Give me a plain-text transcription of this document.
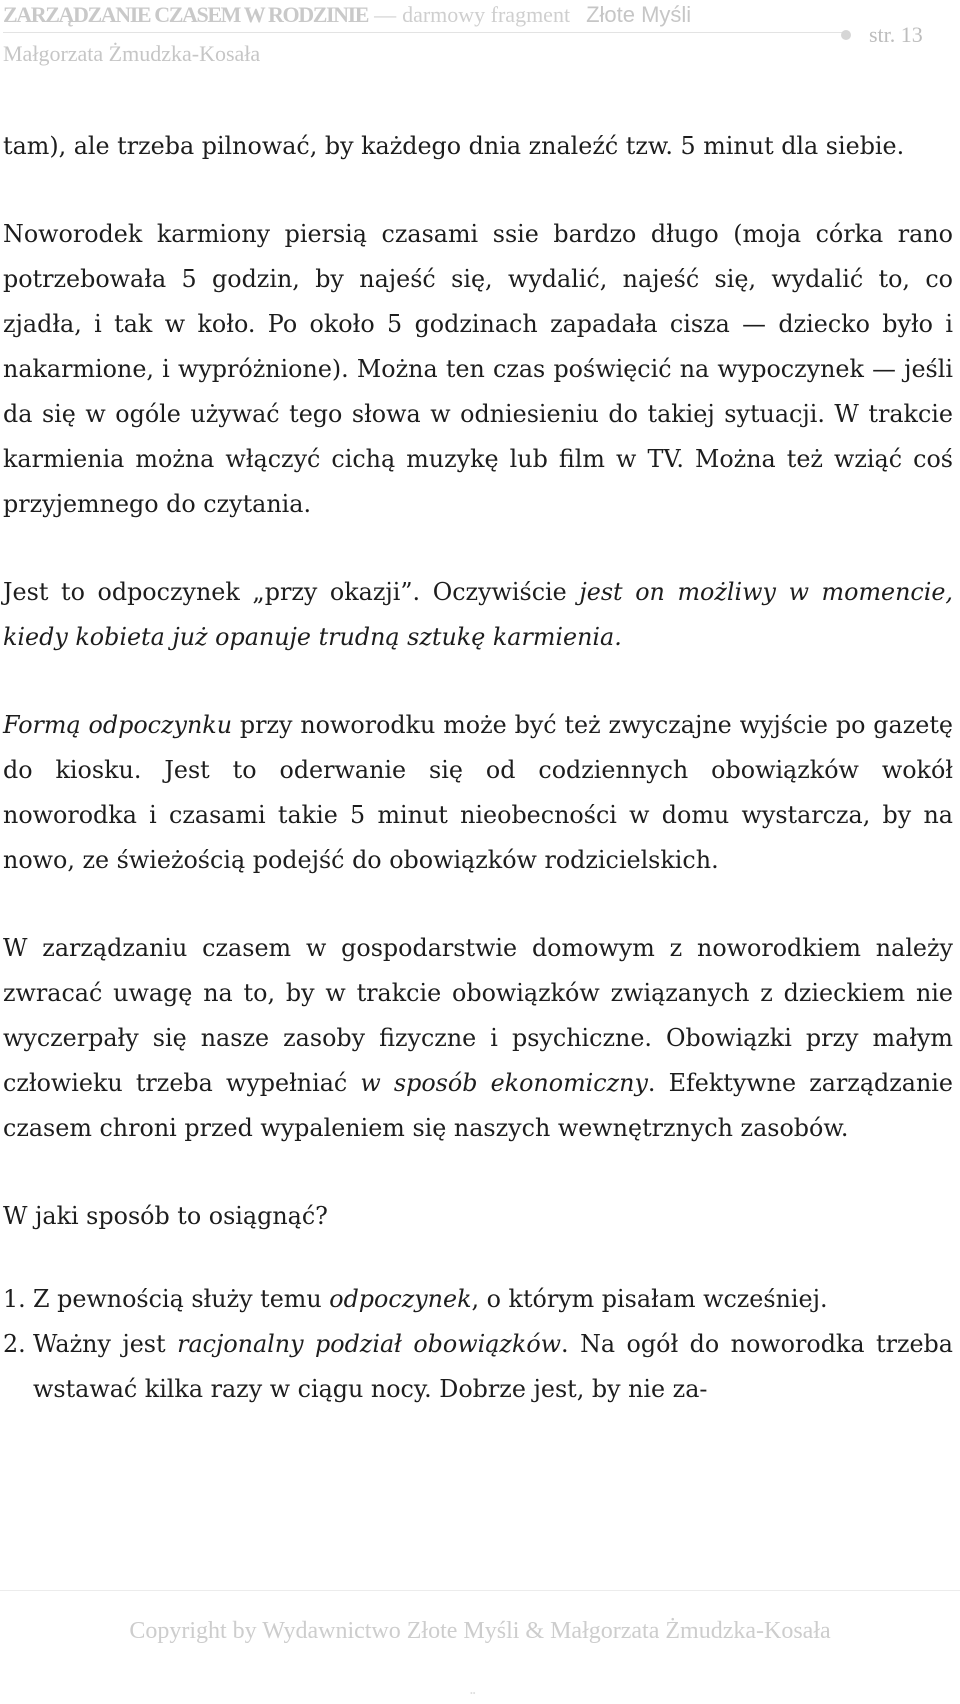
ZARZĄDZANIE CZASEM W RODZINIE — darmowy fragment Złote Myśli
str. 13
Małgorzata Żmudzka-Kosała

tam), ale trzeba pilnować, by każdego dnia znaleźć tzw. 5 minut dla siebie.

Noworodek karmiony piersią czasami ssie bardzo długo (moja córka rano potrzebowała 5 godzin, by najeść się, wydalić, najeść się, wydalić to, co zjadła, i tak w koło. Po około 5 godzinach zapadała cisza — dziecko było i nakarmione, i wypróżnione). Można ten czas poświęcić na wypoczynek — jeśli da się w ogóle używać tego słowa w odniesieniu do takiej sytuacji. W trakcie karmienia można włączyć cichą muzykę lub film w TV. Można też wziąć coś przyjemnego do czytania.

Jest to odpoczynek „przy okazji”. Oczywiście jest on możliwy w momencie, kiedy kobieta już opanuje trudną sztukę karmienia.

Formą odpoczynku przy noworodku może być też zwyczajne wyjście po gazetę do kiosku. Jest to oderwanie się od codziennych obowiązków wokół noworodka i czasami takie 5 minut nieobecności w domu wystarcza, by na nowo, ze świeżością podejść do obowiązków rodzicielskich.

W zarządzaniu czasem w gospodarstwie domowym z noworodkiem należy zwracać uwagę na to, by w trakcie obowiązków związanych z dzieckiem nie wyczerpały się nasze zasoby fizyczne i psychiczne. Obowiązki przy małym człowieku trzeba wypełniać w sposób ekonomiczny. Efektywne zarządzanie czasem chroni przed wypaleniem się naszych wewnętrznych zasobów.

W jaki sposób to osiągnąć?

1. Z pewnością służy temu odpoczynek, o którym pisałam wcześniej.
2. Ważny jest racjonalny podział obowiązków. Na ogół do noworodka trzeba wstawać kilka razy w ciągu nocy. Dobrze jest, by nie za-
Copyright by Wydawnictwo Złote Myśli & Małgorzata Żmudzka-Kosała
••
